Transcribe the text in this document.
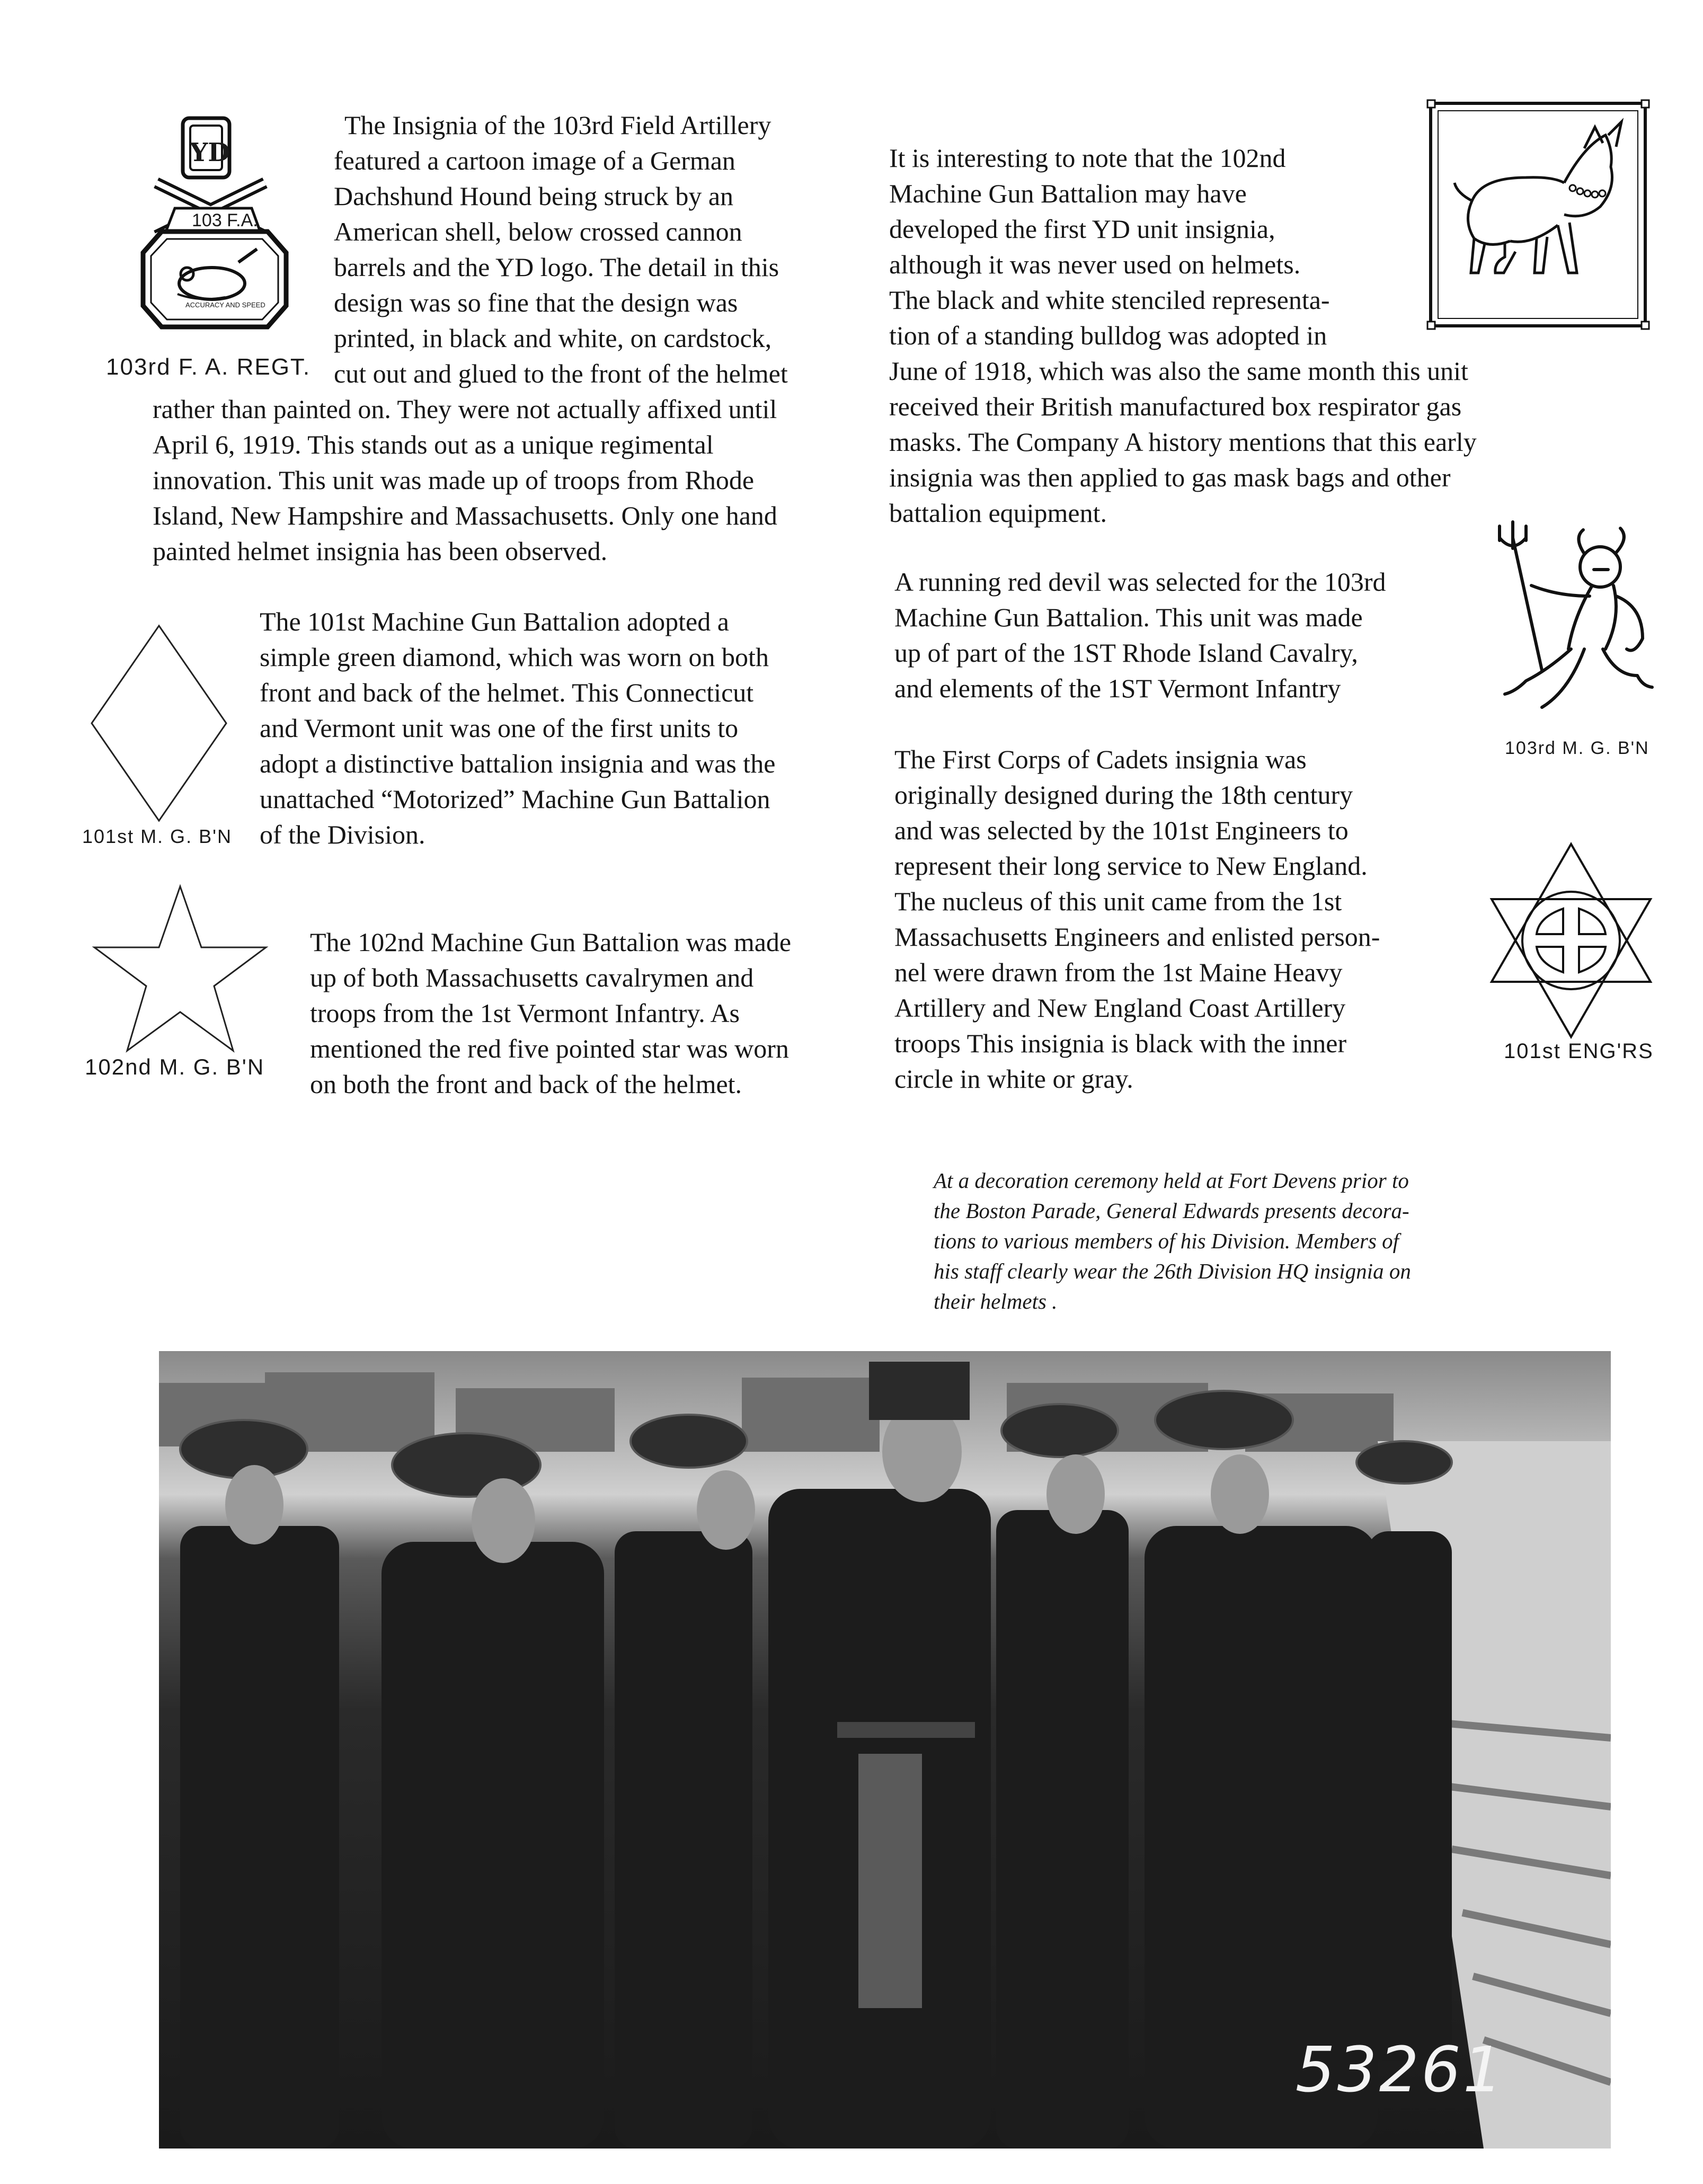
YD
103 F.A.
ACCURACY AND SPEED
103rd F. A. REGT.
The Insignia of the 103rd Field Artillery
featured a cartoon image of a German
Dachshund Hound being struck by an
American shell, below crossed cannon
barrels and the YD logo. The detail in this
design was so fine that the design was
printed, in black and white, on cardstock,
cut out and glued to the front of the helmet
rather than painted on. They were not actually affixed until
April 6, 1919. This stands out as a unique regimental
innovation. This unit was made up of troops from Rhode
Island, New Hampshire and Massachusetts. Only one hand
painted helmet insignia has been observed.
101st M. G. B'N
The 101st Machine Gun Battalion adopted a
simple green diamond, which was worn on both
front and back of the helmet. This Connecticut
and Vermont unit was one of the first units to
adopt a distinctive battalion insignia and was the
unattached “Motorized” Machine Gun Battalion
of the Division.
102nd M. G. B'N
The 102nd Machine Gun Battalion was made
up of both Massachusetts cavalrymen and
troops from the 1st Vermont Infantry. As
mentioned the red five pointed star was worn
on both the front and back of the helmet.
It is interesting to note that the 102nd
Machine Gun Battalion may have
developed the first YD unit insignia,
although it was never used on helmets.
The black and white stenciled representa-
tion of a standing bulldog was adopted in
June of 1918, which was also the same month this unit
received their British manufactured box respirator gas
masks. The Company A history mentions that this early
insignia was then applied to gas mask bags and other
battalion equipment.
103rd M. G. B'N
A running red devil was selected for the 103rd
Machine Gun Battalion. This unit was made
up of part of the 1ST Rhode Island Cavalry,
and elements of the 1ST Vermont Infantry
101st ENG'RS
The First Corps of Cadets insignia was
originally designed during the 18th century
and was selected by the 101st Engineers to
represent their long service to New England.
The nucleus of this unit came from the 1st
Massachusetts Engineers and enlisted person-
nel were drawn from the 1st Maine Heavy
Artillery and New England Coast Artillery
troops This insignia is black with the inner
circle in white or gray.
At a decoration ceremony held at Fort Devens prior to
the Boston Parade, General Edwards presents decora-
tions to various members of his Division. Members of
his staff clearly wear the 26th Division HQ insignia on
their helmets .
53261
